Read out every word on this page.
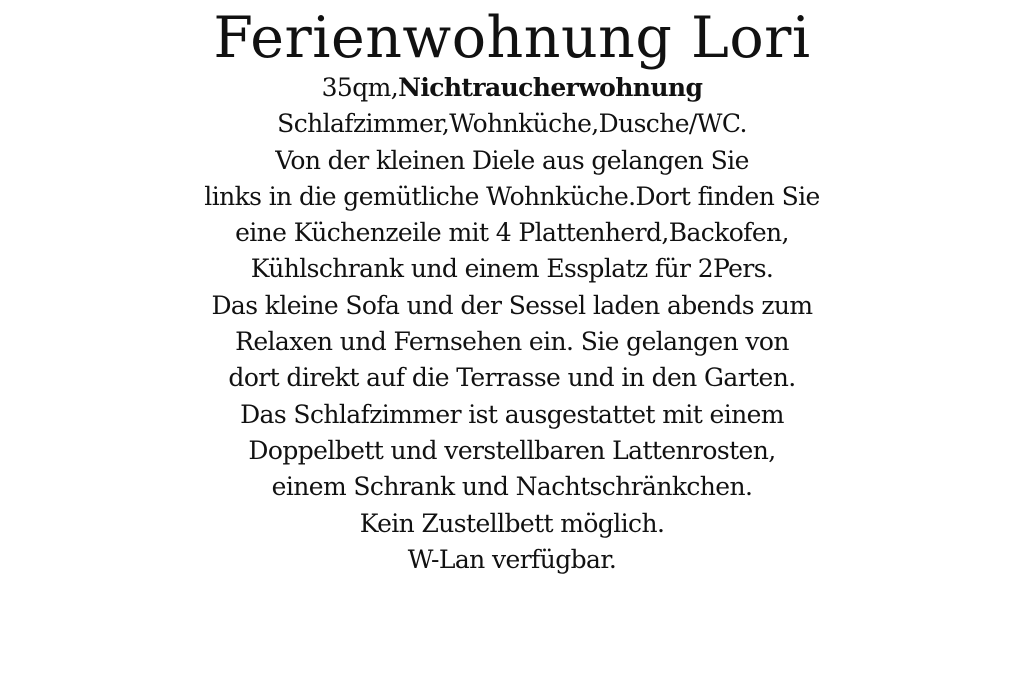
Ferienwohnung Lori
35qm,Nichtraucherwohnung
Schlafzimmer,Wohnküche,Dusche/WC.
Von der kleinen Diele aus gelangen Sie
links in die gemütliche Wohnküche.Dort finden Sie
eine Küchenzeile mit 4 Plattenherd,Backofen,
Kühlschrank und einem Essplatz für 2Pers.
Das kleine Sofa und der Sessel laden abends zum
Relaxen und Fernsehen ein. Sie gelangen von
dort direkt auf die Terrasse und in den Garten.
Das Schlafzimmer ist ausgestattet mit einem
Doppelbett und verstellbaren Lattenrosten,
einem Schrank und Nachtschränkchen.
Kein Zustellbett möglich.
W-Lan verfügbar.
